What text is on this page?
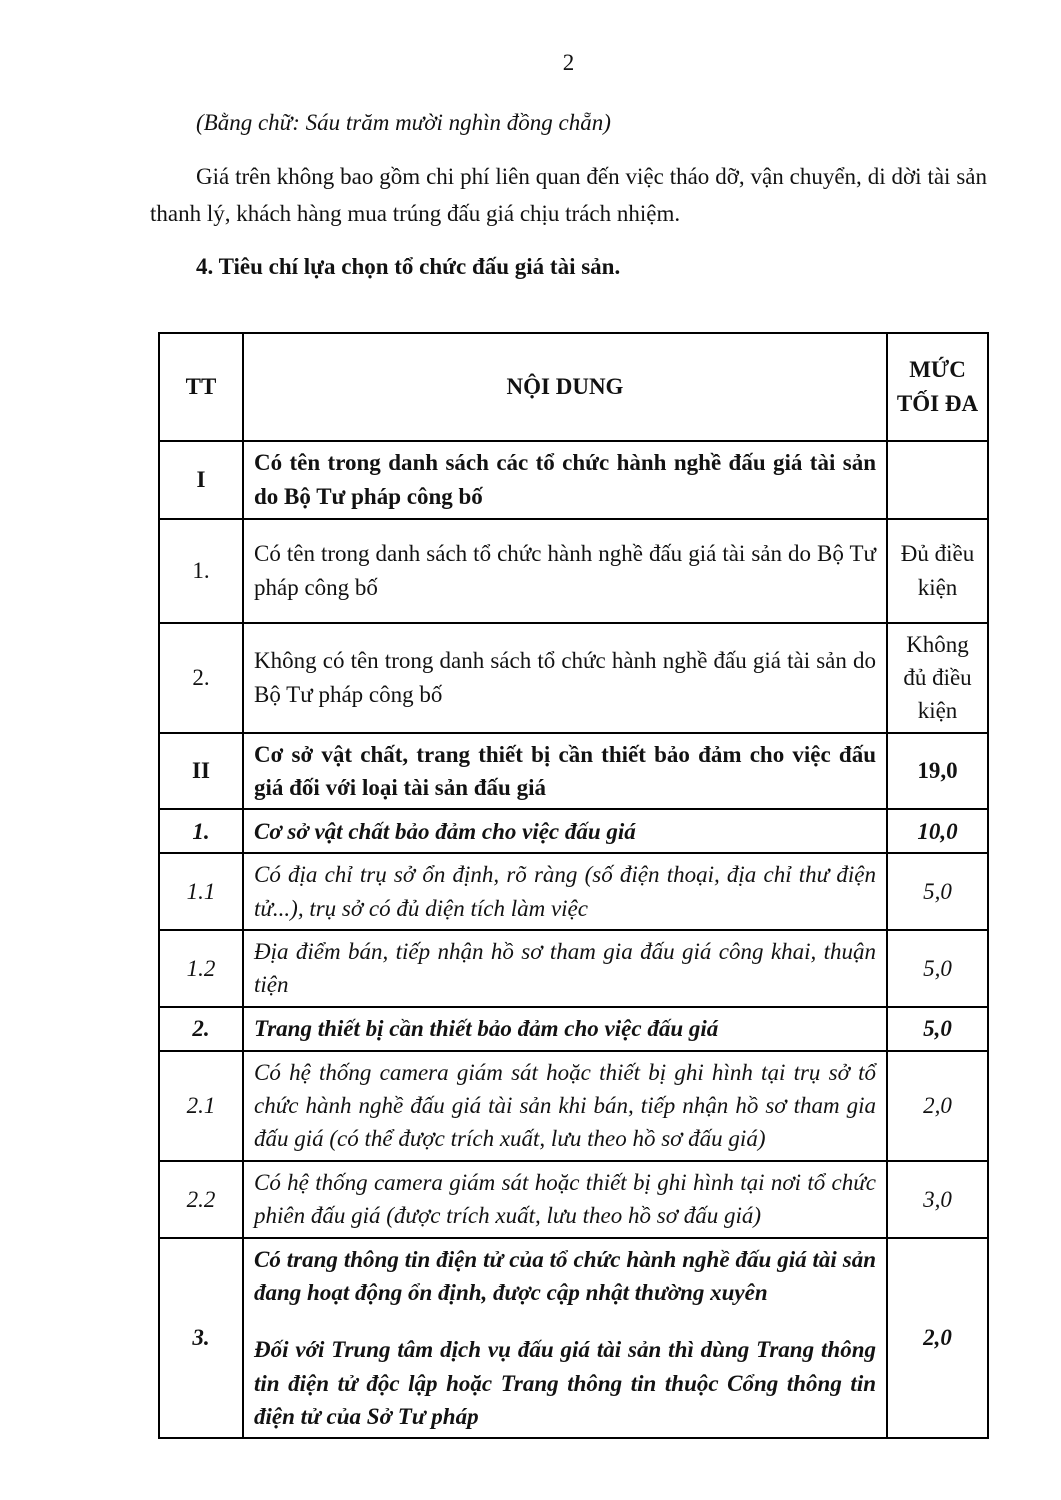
2

(Bằng chữ: Sáu trăm mười nghìn đồng chẵn)

Giá trên không bao gồm chi phí liên quan đến việc tháo dỡ, vận chuyển, di dời tài sản thanh lý, khách hàng mua trúng đấu giá chịu trách nhiệm.

4. Tiêu chí lựa chọn tổ chức đấu giá tài sản.

TT	NỘI DUNG	MỨC TỐI ĐA
I	Có tên trong danh sách các tổ chức hành nghề đấu giá tài sản do Bộ Tư pháp công bố	
1.	Có tên trong danh sách tổ chức hành nghề đấu giá tài sản do Bộ Tư pháp công bố	Đủ điều kiện
2.	Không có tên trong danh sách tổ chức hành nghề đấu giá tài sản do Bộ Tư pháp công bố	Không đủ điều kiện
II	Cơ sở vật chất, trang thiết bị cần thiết bảo đảm cho việc đấu giá đối với loại tài sản đấu giá	19,0
1.	Cơ sở vật chất bảo đảm cho việc đấu giá	10,0
1.1	Có địa chỉ trụ sở ổn định, rõ ràng (số điện thoại, địa chỉ thư điện tử...), trụ sở có đủ diện tích làm việc	5,0
1.2	Địa điểm bán, tiếp nhận hồ sơ tham gia đấu giá công khai, thuận tiện	5,0
2.	Trang thiết bị cần thiết bảo đảm cho việc đấu giá	5,0
2.1	Có hệ thống camera giám sát hoặc thiết bị ghi hình tại trụ sở tổ chức hành nghề đấu giá tài sản khi bán, tiếp nhận hồ sơ tham gia đấu giá (có thể được trích xuất, lưu theo hồ sơ đấu giá)	2,0
2.2	Có hệ thống camera giám sát hoặc thiết bị ghi hình tại nơi tổ chức phiên đấu giá (được trích xuất, lưu theo hồ sơ đấu giá)	3,0
3.	Có trang thông tin điện tử của tổ chức hành nghề đấu giá tài sản đang hoạt động ổn định, được cập nhật thường xuyên
Đối với Trung tâm dịch vụ đấu giá tài sản thì dùng Trang thông tin điện tử độc lập hoặc Trang thông tin thuộc Cổng thông tin điện tử của Sở Tư pháp	2,0
